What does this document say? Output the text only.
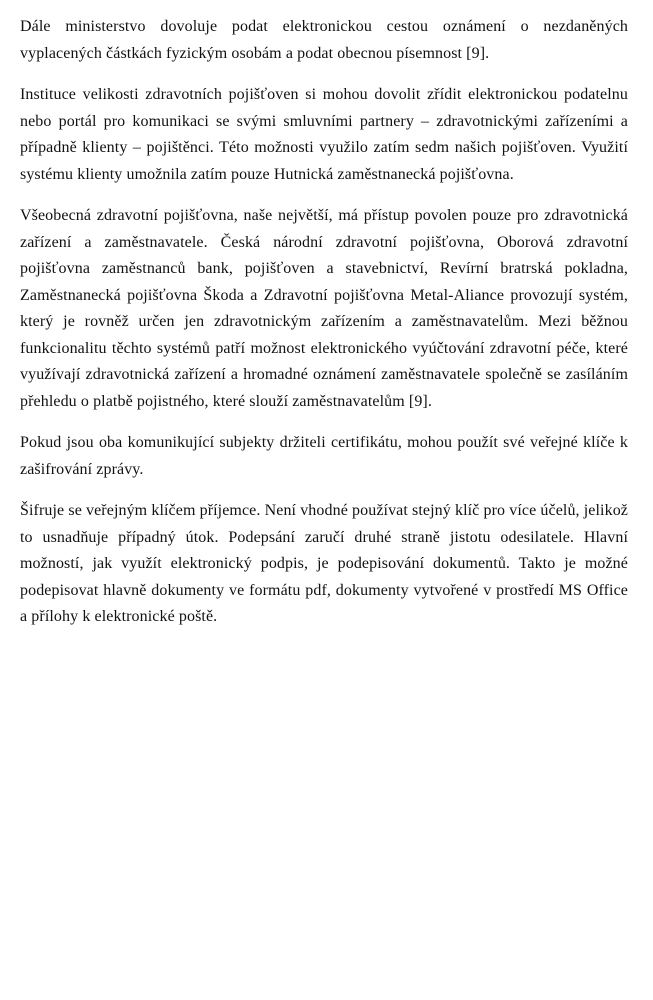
Dále ministerstvo dovoluje podat elektronickou cestou oznámení o nezdaněných vyplacených částkách fyzickým osobám a podat obecnou písemnost [9].

Instituce velikosti zdravotních pojišťoven si mohou dovolit zřídit elektronickou podatelnu nebo portál pro komunikaci se svými smluvními partnery – zdravotnickými zařízeními a případně klienty – pojištěnci. Této možnosti využilo zatím sedm našich pojišťoven. Využití systému klienty umožnila zatím pouze Hutnická zaměstnanecká pojišťovna.

Všeobecná zdravotní pojišťovna, naše největší, má přístup povolen pouze pro zdravotnická zařízení a zaměstnavatele. Česká národní zdravotní pojišťovna, Oborová zdravotní pojišťovna zaměstnanců bank, pojišťoven a stavebnictví, Revírní bratrská pokladna, Zaměstnanecká pojišťovna Škoda a Zdravotní pojišťovna Metal-Aliance provozují systém, který je rovněž určen jen zdravotnickým zařízením a zaměstnavatelům. Mezi běžnou funkcionalitu těchto systémů patří možnost elektronického vyúčtování zdravotní péče, které využívají zdravotnická zařízení a hromadné oznámení zaměstnavatele společně se zasíláním přehledu o platbě pojistného, které slouží zaměstnavatelům [9].

Pokud jsou oba komunikující subjekty držiteli certifikátu, mohou použít své veřejné klíče k zašifrování zprávy.

Šifruje se veřejným klíčem příjemce. Není vhodné používat stejný klíč pro více účelů, jelikož to usnadňuje případný útok. Podepsání zaručí druhé straně jistotu odesilatele. Hlavní možností, jak využít elektronický podpis, je podepisování dokumentů. Takto je možné podepisovat hlavně dokumenty ve formátu pdf, dokumenty vytvořené v prostředí MS Office a přílohy k elektronické poště.
